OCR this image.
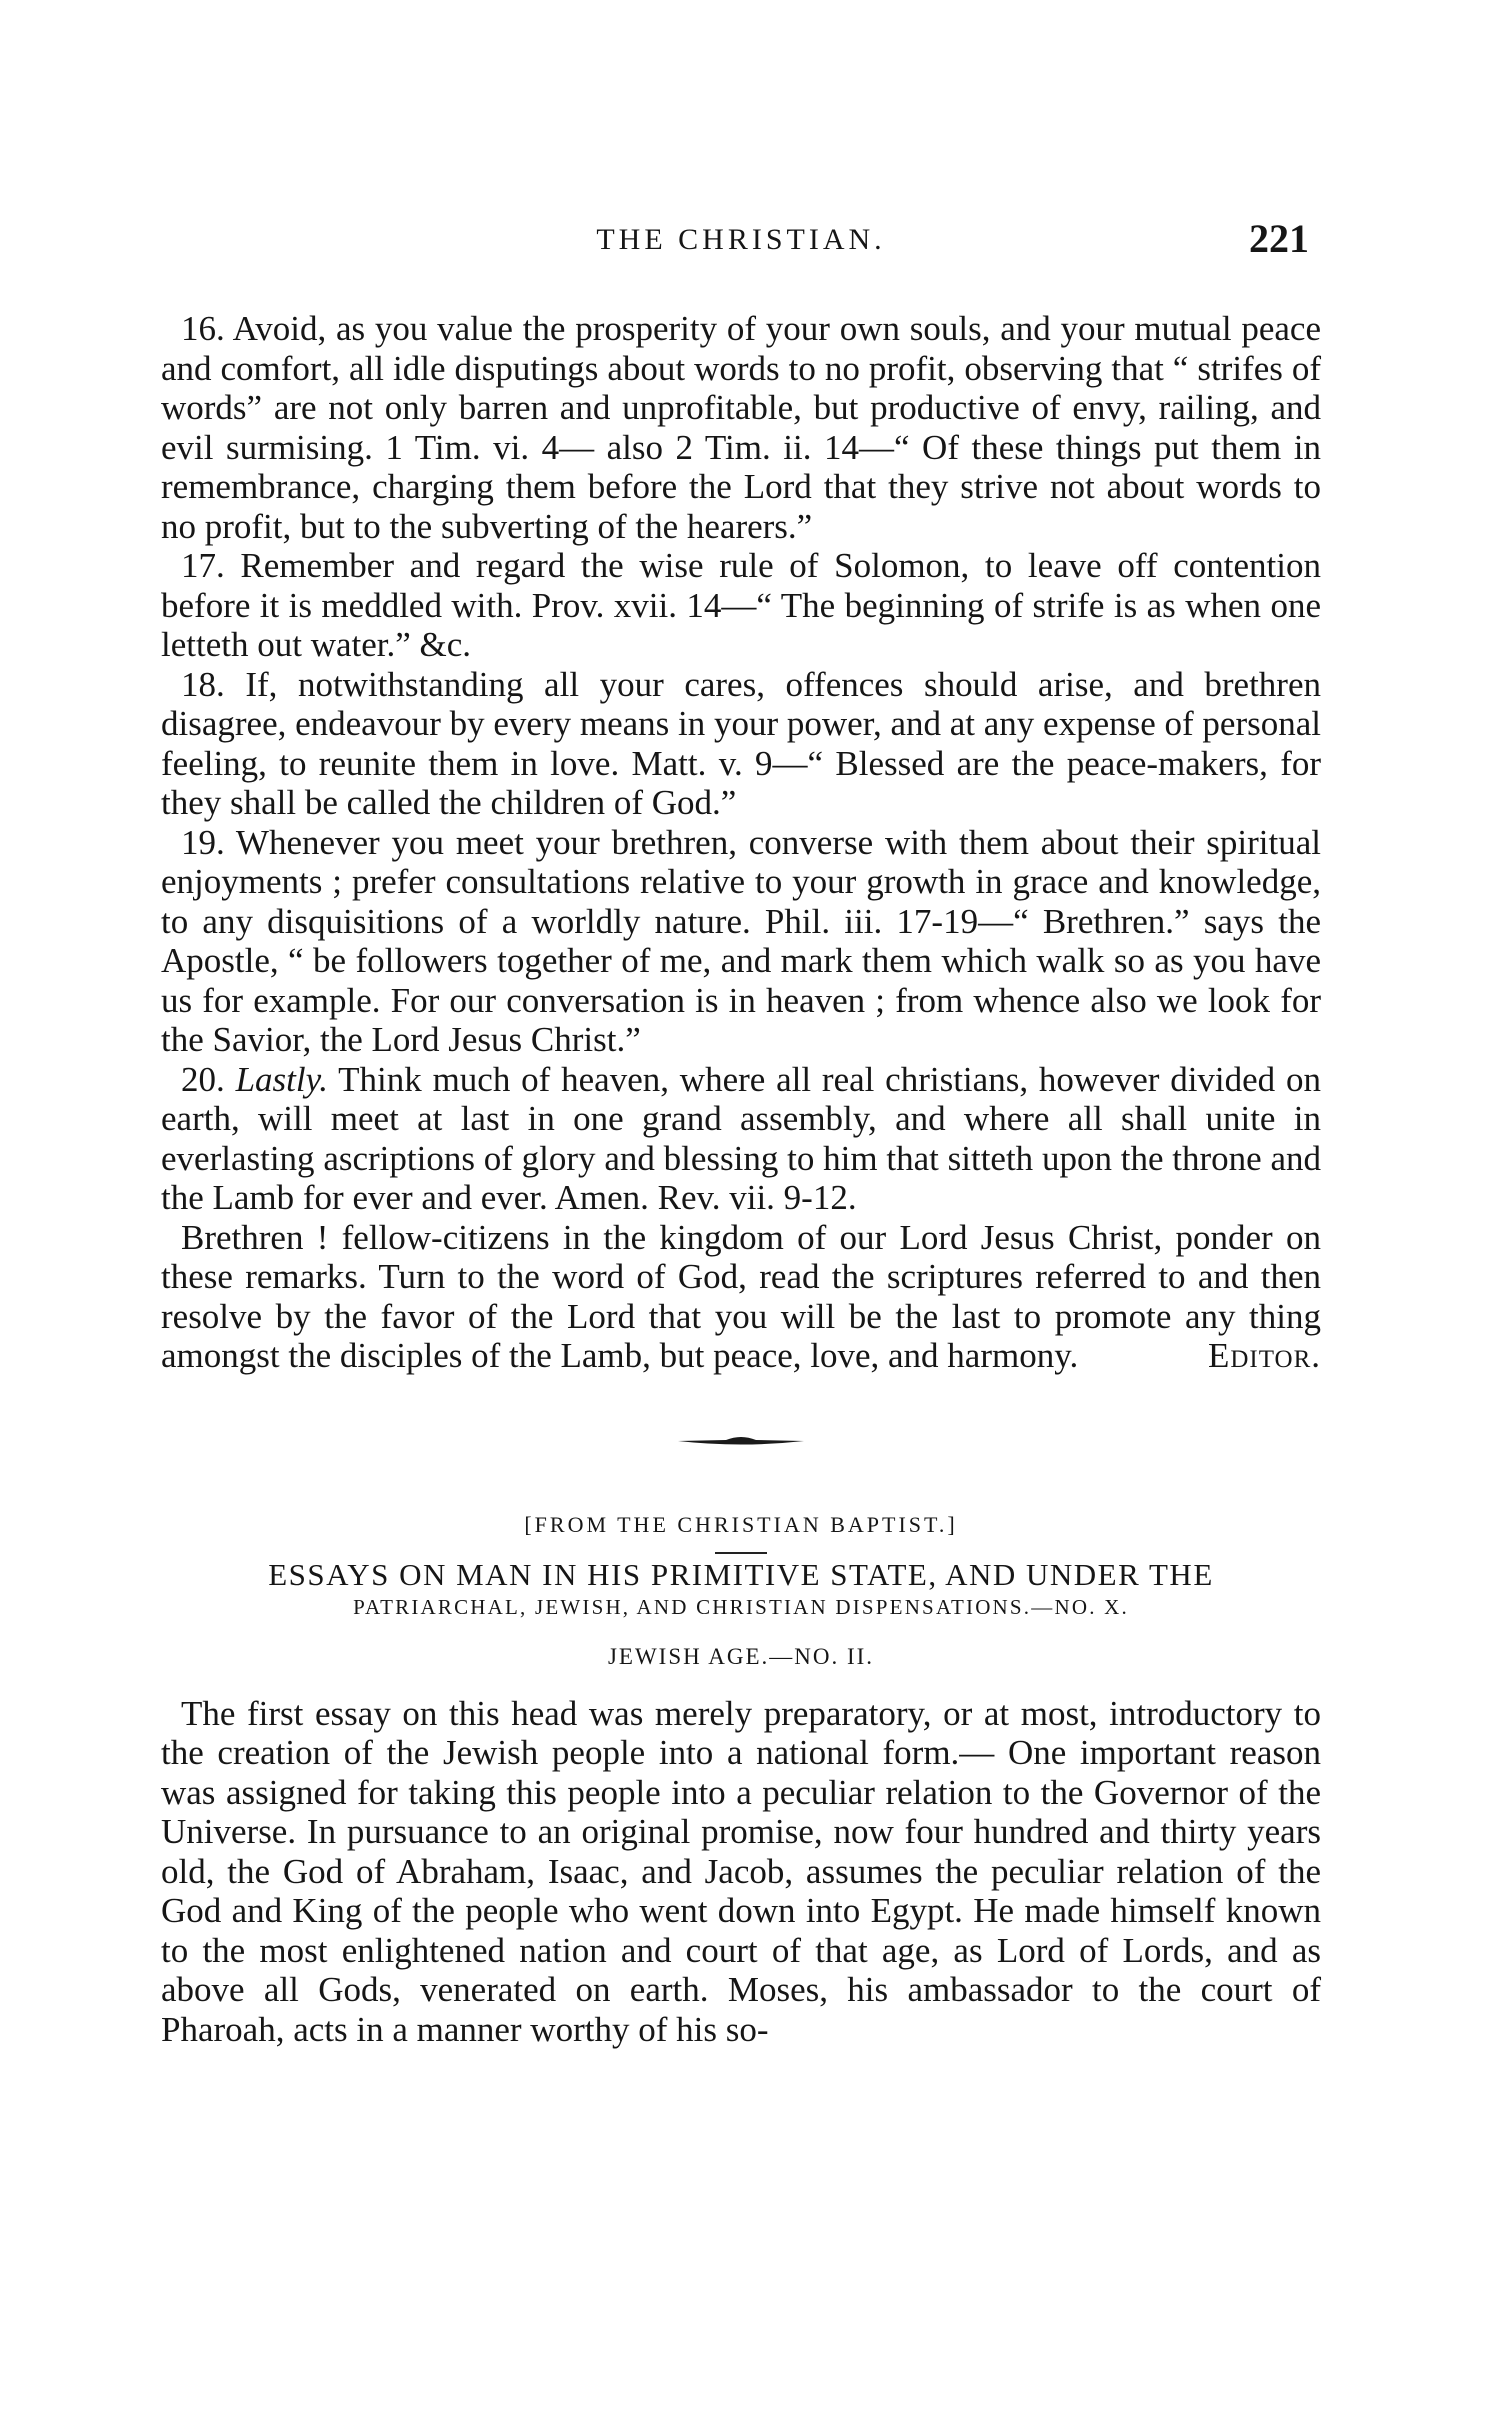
THE CHRISTIAN.	221

16. Avoid, as you value the prosperity of your own souls, and your mutual peace and comfort, all idle disputings about words to no profit, observing that “ strifes of words” are not only barren and unprofitable, but productive of envy, railing, and evil surmising. 1 Tim. vi. 4— also 2 Tim. ii. 14—“ Of these things put them in remembrance, charging them before the Lord that they strive not about words to no profit, but to the subverting of the hearers.”

17. Remember and regard the wise rule of Solomon, to leave off contention before it is meddled with. Prov. xvii. 14—“ The beginning of strife is as when one letteth out water.” &c.

18. If, notwithstanding all your cares, offences should arise, and brethren disagree, endeavour by every means in your power, and at any expense of personal feeling, to reunite them in love. Matt. v. 9—“ Blessed are the peace-makers, for they shall be called the children of God.”

19. Whenever you meet your brethren, converse with them about their spiritual enjoyments ; prefer consultations relative to your growth in grace and knowledge, to any disquisitions of a worldly nature. Phil. iii. 17-19—“ Brethren.” says the Apostle, “ be followers together of me, and mark them which walk so as you have us for example. For our conversation is in heaven ; from whence also we look for the Savior, the Lord Jesus Christ.”

20. Lastly. Think much of heaven, where all real christians, however divided on earth, will meet at last in one grand assembly, and where all shall unite in everlasting ascriptions of glory and blessing to him that sitteth upon the throne and the Lamb for ever and ever. Amen. Rev. vii. 9-12.

Brethren ! fellow-citizens in the kingdom of our Lord Jesus Christ, ponder on these remarks. Turn to the word of God, read the scriptures referred to and then resolve by the favor of the Lord that you will be the last to promote any thing amongst the disciples of the Lamb, but peace, love, and harmony.	Editor.

[FROM THE CHRISTIAN BAPTIST.]

ESSAYS ON MAN IN HIS PRIMITIVE STATE, AND UNDER THE

PATRIARCHAL, JEWISH, AND CHRISTIAN DISPENSATIONS.—NO. X.

JEWISH AGE.—NO. II.

The first essay on this head was merely preparatory, or at most, introductory to the creation of the Jewish people into a national form.— One important reason was assigned for taking this people into a peculiar relation to the Governor of the Universe. In pursuance to an original promise, now four hundred and thirty years old, the God of Abraham, Isaac, and Jacob, assumes the peculiar relation of the God and King of the people who went down into Egypt. He made himself known to the most enlightened nation and court of that age, as Lord of Lords, and as above all Gods, venerated on earth. Moses, his ambassador to the court of Pharoah, acts in a manner worthy of his so-
